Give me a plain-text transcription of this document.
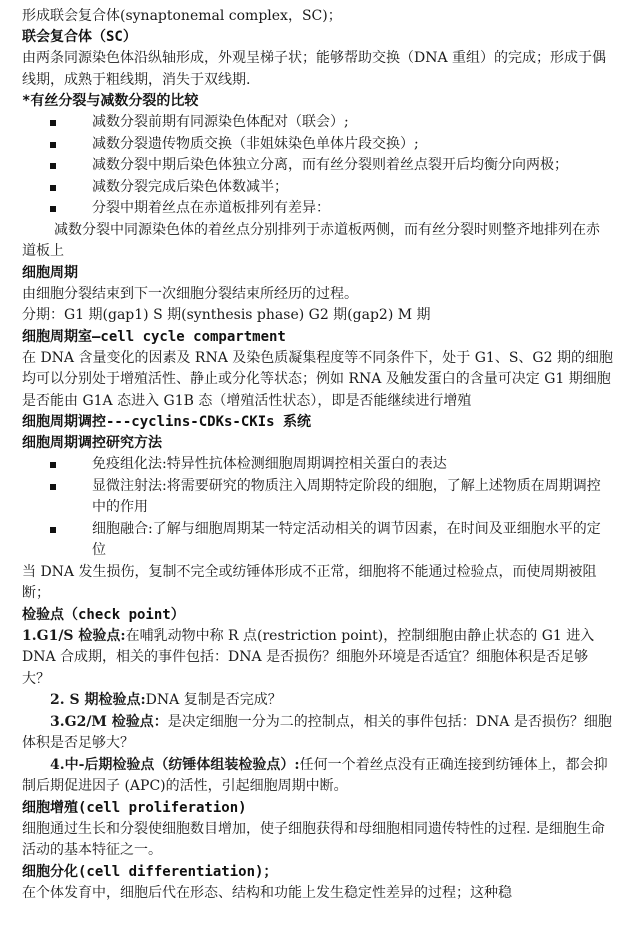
形成联会复合体(synaptonemal complex，SC)；
联会复合体（SC）
由两条同源染色体沿纵轴形成，外观呈梯子状；能够帮助交换（DNA 重组）的完成；形成于偶线期，成熟于粗线期，消失于双线期.
*有丝分裂与减数分裂的比较
减数分裂前期有同源染色体配对（联会）;
减数分裂遗传物质交换（非姐妹染色单体片段交换）;
减数分裂中期后染色体独立分离，而有丝分裂则着丝点裂开后均衡分向两极；
减数分裂完成后染色体数减半；
分裂中期着丝点在赤道板排列有差异：
减数分裂中同源染色体的着丝点分别排列于赤道板两侧，而有丝分裂时则整齐地排列在赤道板上
细胞周期
由细胞分裂结束到下一次细胞分裂结束所经历的过程。
分期：G1 期(gap1) S 期(synthesis phase) G2 期(gap2) M 期
细胞周期室—cell cycle compartment
在 DNA 含量变化的因素及 RNA 及染色质凝集程度等不同条件下，处于 G1、S、G2 期的细胞均可以分别处于增殖活性、静止或分化等状态；例如 RNA 及触发蛋白的含量可决定 G1 期细胞是否能由 G1A 态进入 G1B 态（增殖活性状态），即是否能继续进行增殖
细胞周期调控---cyclins-CDKs-CKIs 系统
细胞周期调控研究方法
免疫组化法:特异性抗体检测细胞周期调控相关蛋白的表达
显微注射法:将需要研究的物质注入周期特定阶段的细胞，了解上述物质在周期调控中的作用
细胞融合:了解与细胞周期某一特定活动相关的调节因素，在时间及亚细胞水平的定位
当 DNA 发生损伤，复制不完全或纺锤体形成不正常，细胞将不能通过检验点，而使周期被阻断；
检验点（check point）
1.G1/S 检验点:在哺乳动物中称 R 点(restriction point)，控制细胞由静止状态的 G1 进入 DNA 合成期，相关的事件包括：DNA 是否损伤？细胞外环境是否适宜？细胞体积是否足够大？
2. S 期检验点:DNA 复制是否完成？
3.G2/M 检验点：是决定细胞一分为二的控制点，相关的事件包括：DNA 是否损伤？细胞体积是否足够大？
4.中-后期检验点（纺锤体组装检验点）:任何一个着丝点没有正确连接到纺锤体上，都会抑制后期促进因子 (APC)的活性，引起细胞周期中断。
细胞增殖(cell proliferation)
细胞通过生长和分裂使细胞数目增加，使子细胞获得和母细胞相同遗传特性的过程. 是细胞生命活动的基本特征之一。
细胞分化(cell differentiation)；
在个体发育中，细胞后代在形态、结构和功能上发生稳定性差异的过程；这种稳
